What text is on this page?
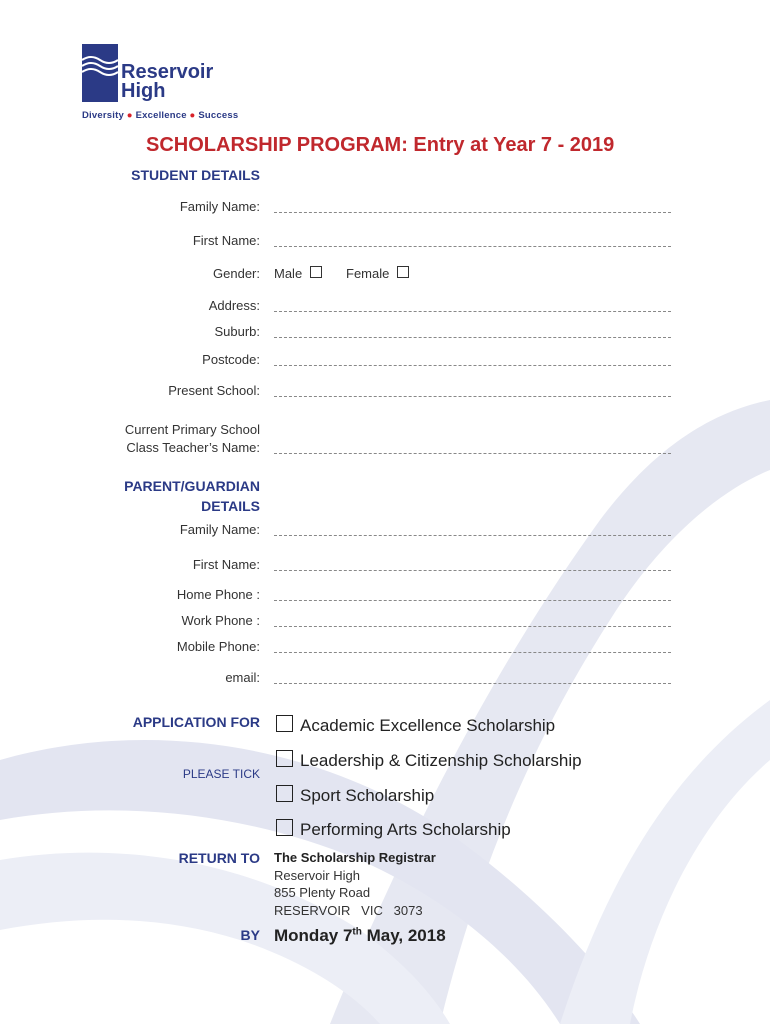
Reservoir
High
Diversity ● Excellence ● Success
SCHOLARSHIP PROGRAM: Entry at Year 7 - 2019
STUDENT DETAILS
Family Name:
First Name:
Gender: Male	Female
Address:
Suburb:
Postcode:
Present School:
Current Primary School
Class Teacher’s Name:
PARENT/GUARDIAN
DETAILS
Family Name:
First Name:
Home Phone :
Work Phone :
Mobile Phone:
email:
APPLICATION FOR
PLEASE TICK
Academic Excellence Scholarship
Leadership & Citizenship Scholarship
Sport Scholarship
Performing Arts Scholarship
RETURN TO The Scholarship Registrar
Reservoir High
855 Plenty Road
RESERVOIR   VIC   3073
BY Monday 7th May, 2018
